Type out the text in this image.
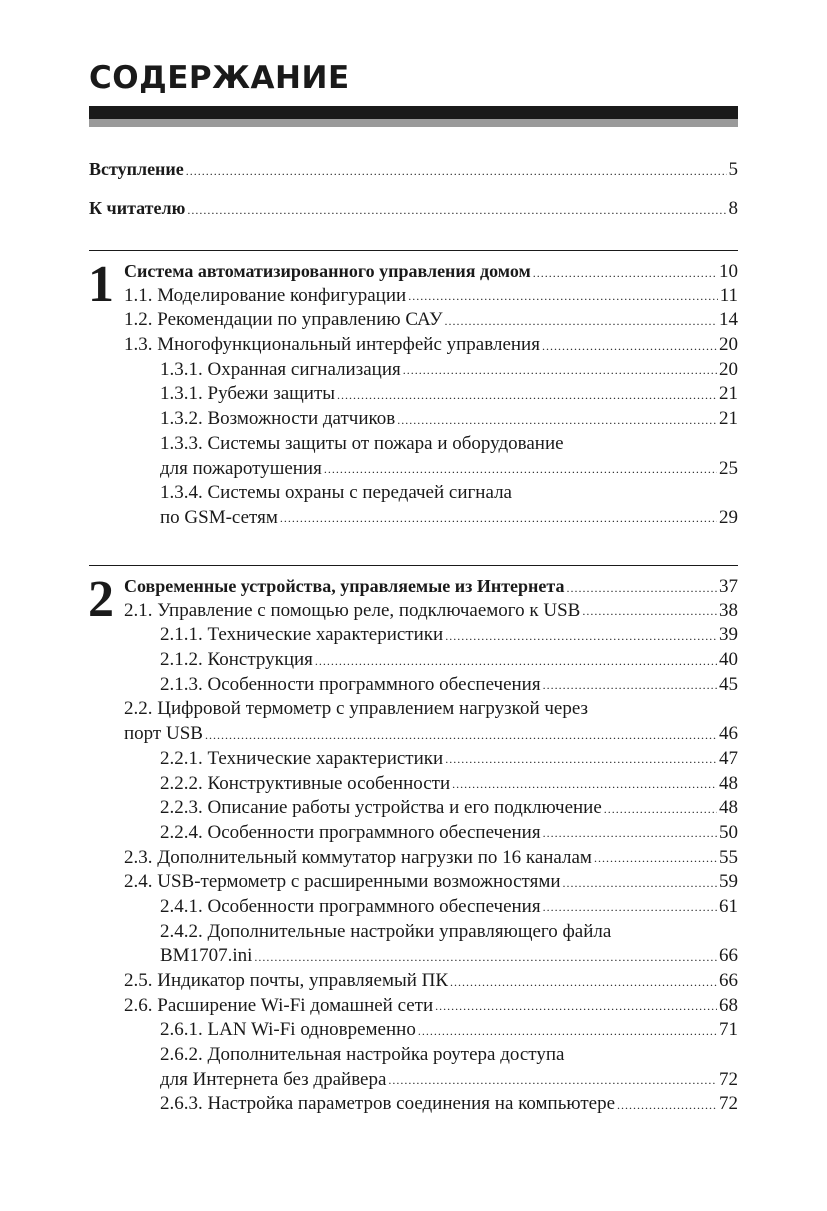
СОДЕРЖАНИЕ
Вступление .....	5
К читателю .....	8
1 Система автоматизированного управления домом .....	10
1.1. Моделирование конфигурации .....	11
1.2. Рекомендации по управлению САУ .....	14
1.3. Многофункциональный интерфейс управления .....	20
1.3.1. Охранная сигнализация .....	20
1.3.1. Рубежи защиты .....	21
1.3.2. Возможности датчиков .....	21
1.3.3. Системы защиты от пожара и оборудование
для пожаротушения .....	25
1.3.4. Системы охраны с передачей сигнала
по GSM-сетям .....	29
2 Современные устройства, управляемые из Интернета .....	37
2.1. Управление с помощью реле, подключаемого к USB .....	38
2.1.1. Технические характеристики .....	39
2.1.2. Конструкция .....	40
2.1.3. Особенности программного обеспечения .....	45
2.2. Цифровой термометр с управлением нагрузкой через
порт USB .....	46
2.2.1. Технические характеристики .....	47
2.2.2. Конструктивные особенности .....	48
2.2.3. Описание работы устройства и его подключение .....	48
2.2.4. Особенности программного обеспечения .....	50
2.3. Дополнительный коммутатор нагрузки по 16 каналам .....	55
2.4. USB-термометр с расширенными возможностями .....	59
2.4.1. Особенности программного обеспечения .....	61
2.4.2. Дополнительные настройки управляющего файла
BM1707.ini .....	66
2.5. Индикатор почты, управляемый ПК .....	66
2.6. Расширение Wi-Fi домашней сети .....	68
2.6.1. LAN Wi-Fi одновременно .....	71
2.6.2. Дополнительная настройка роутера доступа
для Интернета без драйвера .....	72
2.6.3. Настройка параметров соединения на компьютере .....	72
